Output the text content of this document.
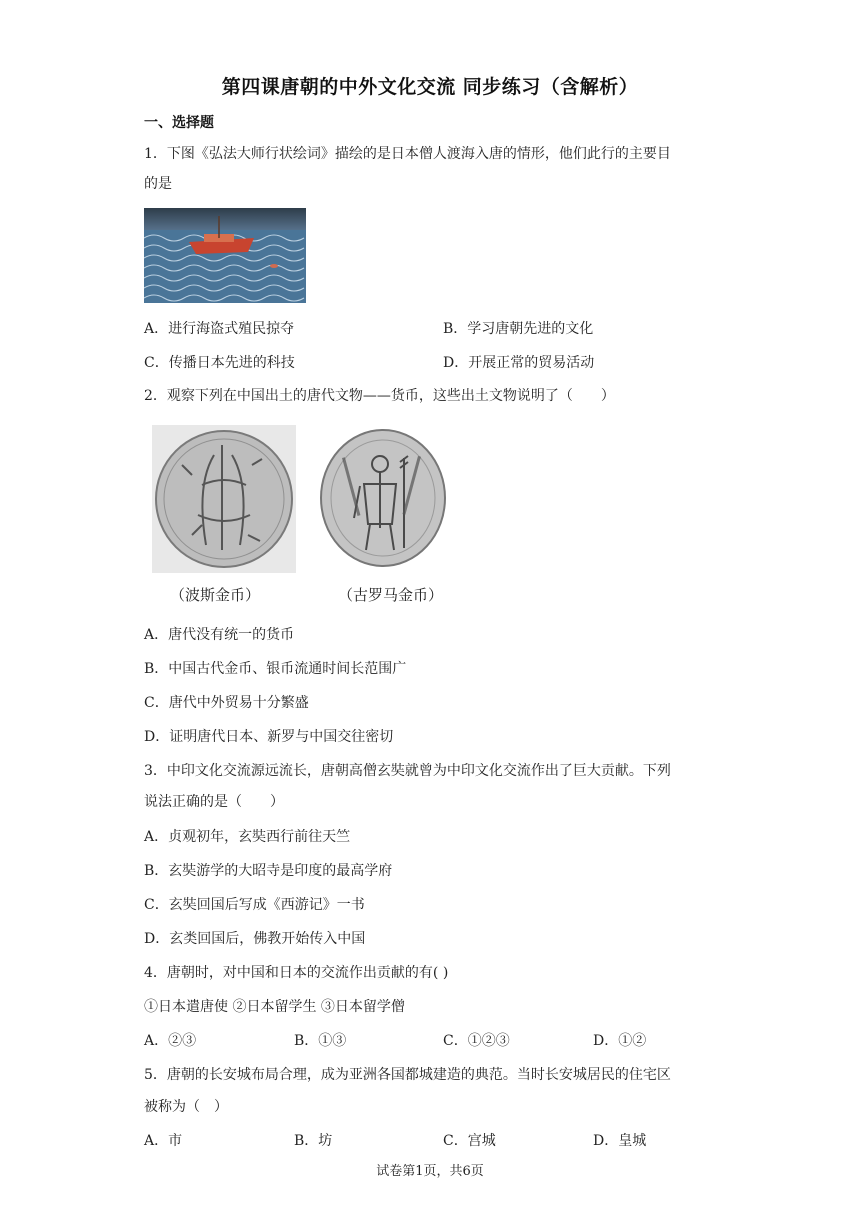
第四课唐朝的中外文化交流 同步练习（含解析）
一、选择题
1．下图《弘法大师行状绘词》描绘的是日本僧人渡海入唐的情形，他们此行的主要目
的是
A．进行海盗式殖民掠夺	B．学习唐朝先进的文化
C．传播日本先进的科技	D．开展正常的贸易活动
2．观察下列在中国出土的唐代文物——货币，这些出土文物说明了（　　）
（波斯金币）	（古罗马金币）
A．唐代没有统一的货币
B．中国古代金币、银币流通时间长范围广
C．唐代中外贸易十分繁盛
D．证明唐代日本、新罗与中国交往密切
3．中印文化交流源远流长，唐朝高僧玄奘就曾为中印文化交流作出了巨大贡献。下列
说法正确的是（　　）
A．贞观初年，玄奘西行前往天竺
B．玄奘游学的大昭寺是印度的最高学府
C．玄奘回国后写成《西游记》一书
D．玄类回国后，佛教开始传入中国
4．唐朝时，对中国和日本的交流作出贡献的有( )
①日本遣唐使 ②日本留学生 ③日本留学僧
A．②③	B．①③	C．①②③	D．①②
5．唐朝的长安城布局合理，成为亚洲各国都城建造的典范。当时长安城居民的住宅区
被称为（　）
A．市	B．坊	C．宫城	D．皇城
试卷第1页，共6页
